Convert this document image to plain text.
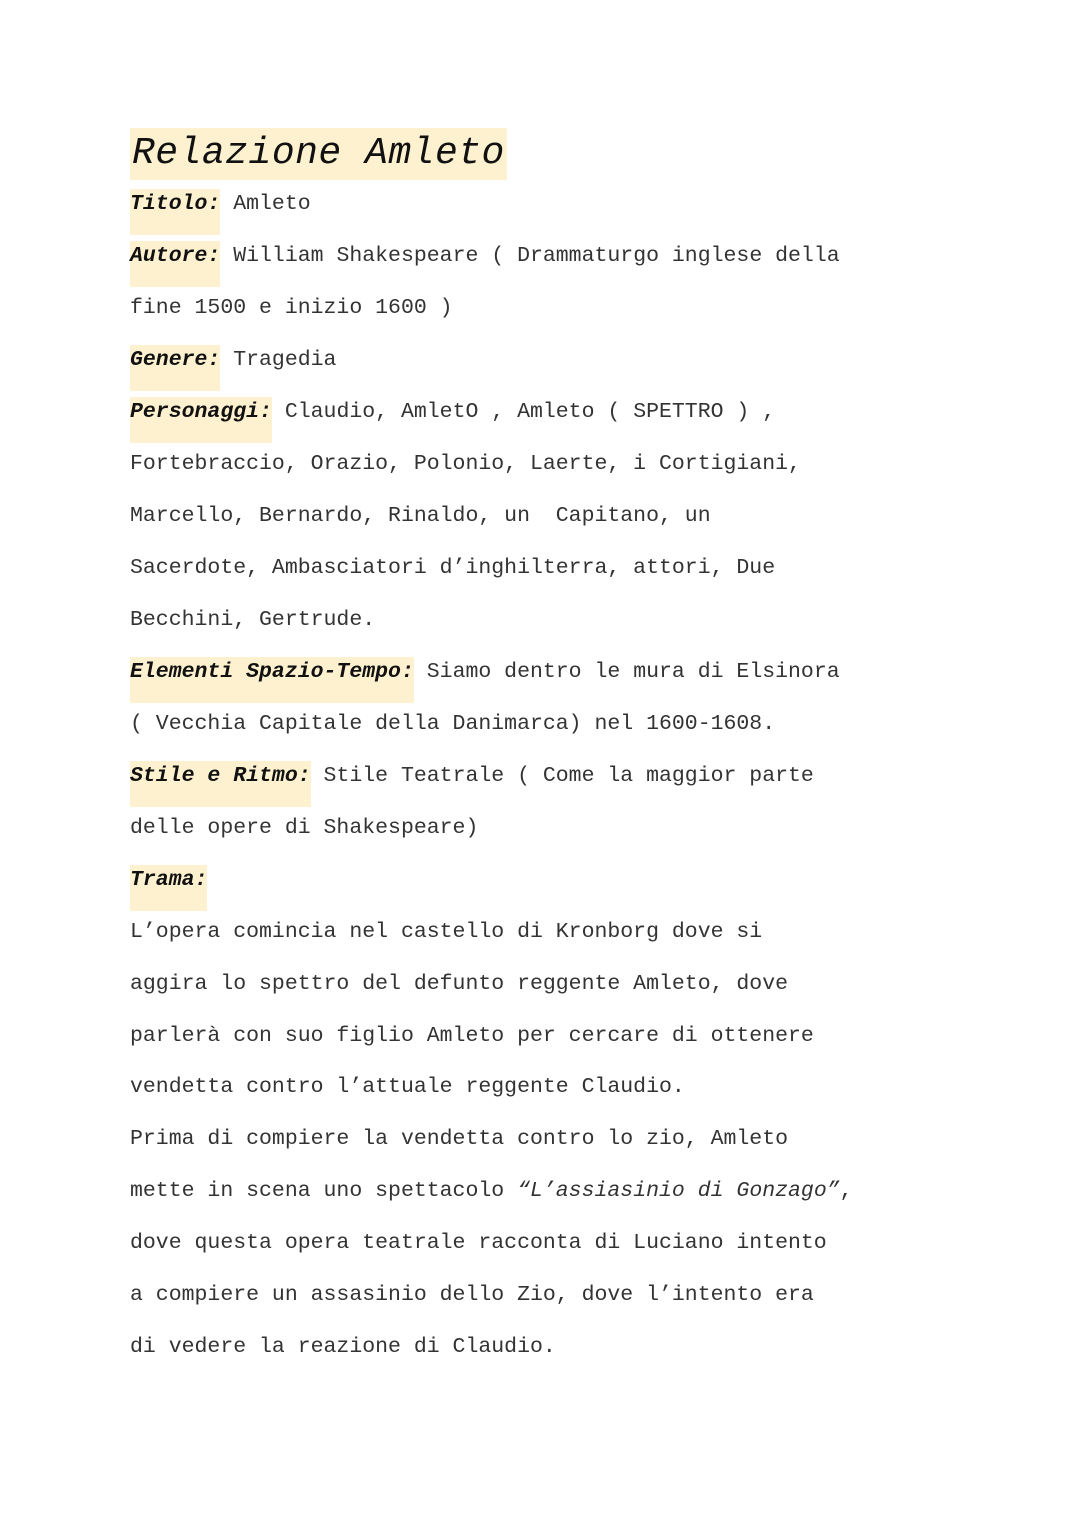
Relazione Amleto
Titolo: Amleto
Autore: William Shakespeare ( Drammaturgo inglese della
fine 1500 e inizio 1600 )
Genere: Tragedia
Personaggi: Claudio, AmletO , Amleto ( SPETTRO ) ,
Fortebraccio, Orazio, Polonio, Laerte, i Cortigiani,
Marcello, Bernardo, Rinaldo, un  Capitano, un
Sacerdote, Ambasciatori d’inghilterra, attori, Due
Becchini, Gertrude.
Elementi Spazio-Tempo: Siamo dentro le mura di Elsinora
( Vecchia Capitale della Danimarca) nel 1600-1608.
Stile e Ritmo: Stile Teatrale ( Come la maggior parte
delle opere di Shakespeare)
Trama:
L’opera comincia nel castello di Kronborg dove si
aggira lo spettro del defunto reggente Amleto, dove
parlerà con suo figlio Amleto per cercare di ottenere
vendetta contro l’attuale reggente Claudio.
Prima di compiere la vendetta contro lo zio, Amleto
mette in scena uno spettacolo “L’assiasinio di Gonzago”,
dove questa opera teatrale racconta di Luciano intento
a compiere un assasinio dello Zio, dove l’intento era
di vedere la reazione di Claudio.
